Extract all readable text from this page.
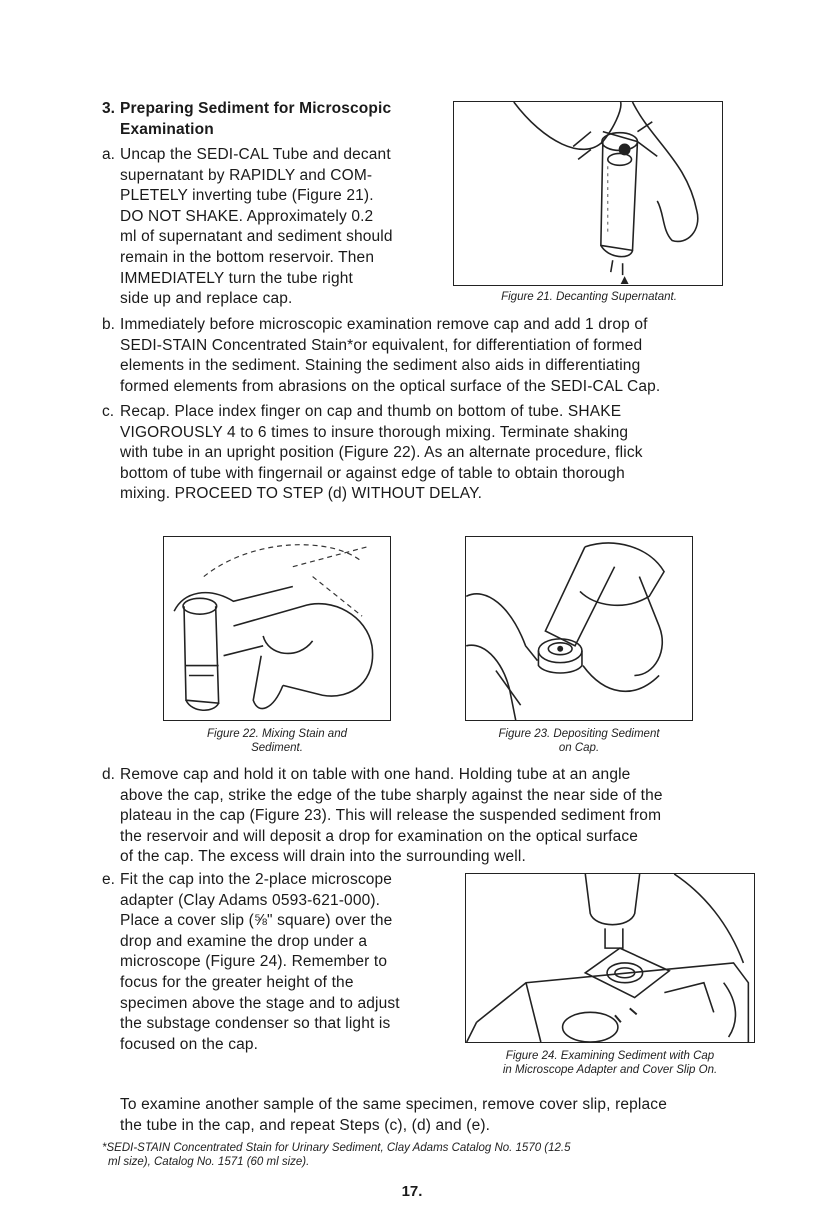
3. Preparing Sediment for Microscopic

Examination

a. Uncap the SEDI-CAL Tube and decant

supernatant by RAPIDLY and COM-

PLETELY inverting tube (Figure 21).

DO NOT SHAKE. Approximately 0.2

ml of supernatant and sediment should

remain in the bottom reservoir. Then

IMMEDIATELY turn the tube right

side up and replace cap.	Figure 21. Decanting Supernatant.
b. Immediately before microscopic examination remove cap and add 1 drop of

SEDI-STAIN Concentrated Stain*or equivalent, for differentiation of formed

elements in the sediment. Staining the sediment also aids in differentiating

formed elements from abrasions on the optical surface of the SEDI-CAL Cap.

c. Recap. Place index finger on cap and thumb on bottom of tube. SHAKE

VIGOROUSLY 4 to 6 times to insure thorough mixing. Terminate shaking

with tube in an upright position (Figure 22). As an alternate procedure, flick

bottom of tube with fingernail or against edge of table to obtain thorough

mixing. PROCEED TO STEP (d) WITHOUT DELAY.

Figure 22. Mixing Stain and
Sediment.
Figure 23. Depositing Sediment
on Cap.
d. Remove cap and hold it on table with one hand. Holding tube at an angle

above the cap, strike the edge of the tube sharply against the near side of the

plateau in the cap (Figure 23). This will release the suspended sediment from

the reservoir and will deposit a drop for examination on the optical surface

of the cap. The excess will drain into the surrounding well.

e. Fit the cap into the 2-place microscope

adapter (Clay Adams 0593-621-000).

Place a cover slip (⅝" square) over the

drop and examine the drop under a

microscope (Figure 24). Remember to

focus for the greater height of the

specimen above the stage and to adjust

the substage condenser so that light is

focused on the cap.

Figure 24. Examining Sediment with Cap
in Microscope Adapter and Cover Slip On.

To examine another sample of the same specimen, remove cover slip, replace

the tube in the cap, and repeat Steps (c), (d) and (e).

*SEDI-STAIN Concentrated Stain for Urinary Sediment, Clay Adams Catalog No. 1570 (12.5
ml size), Catalog No. 1571 (60 ml size).
17.
